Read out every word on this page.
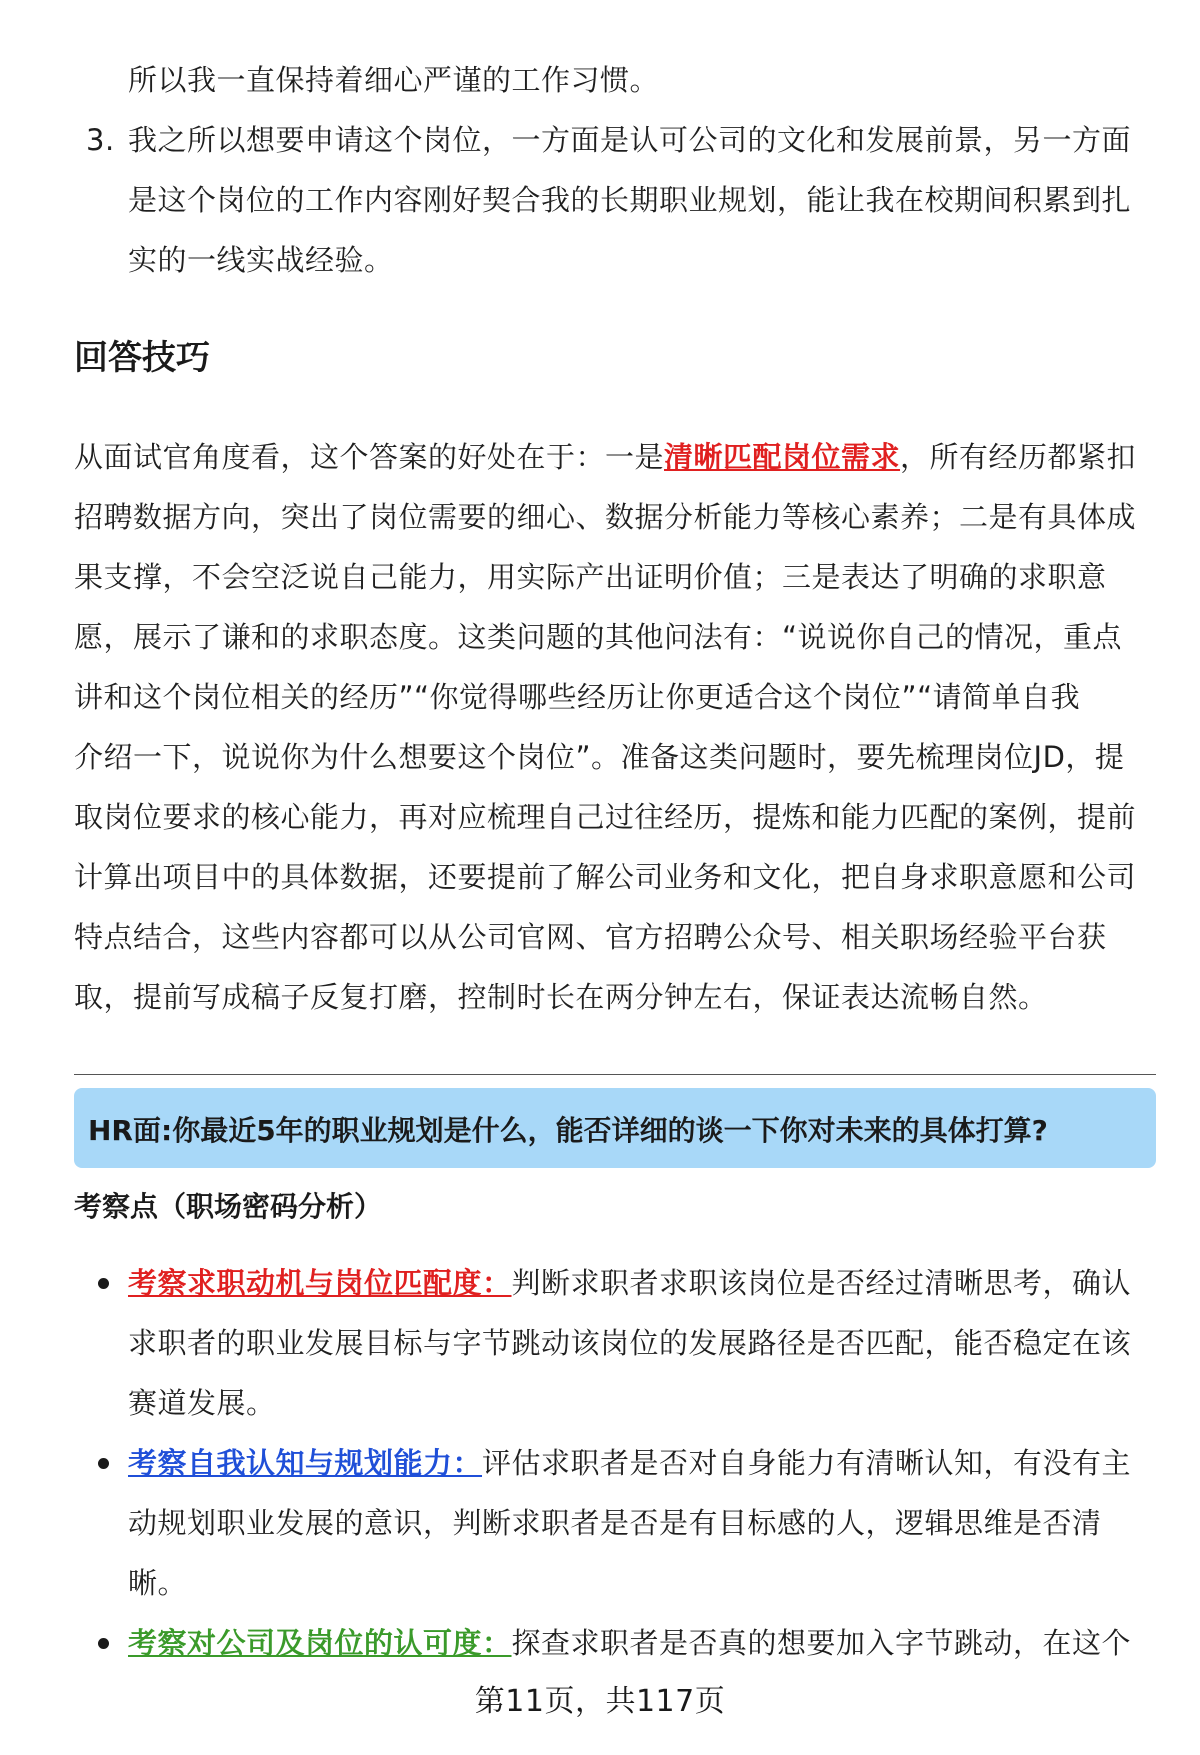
所以我一直保持着细心严谨的工作习惯。
3. 我之所以想要申请这个岗位，一方面是认可公司的文化和发展前景，另一方面
是这个岗位的工作内容刚好契合我的长期职业规划，能让我在校期间积累到扎
实的一线实战经验。
回答技巧
从面试官角度看，这个答案的好处在于：一是清晰匹配岗位需求，所有经历都紧扣
招聘数据方向，突出了岗位需要的细心、数据分析能力等核心素养；二是有具体成
果支撑，不会空泛说自己能力，用实际产出证明价值；三是表达了明确的求职意
愿，展示了谦和的求职态度。这类问题的其他问法有：“说说你自己的情况，重点
讲和这个岗位相关的经历”“你觉得哪些经历让你更适合这个岗位”“请简单自我
介绍一下，说说你为什么想要这个岗位”。准备这类问题时，要先梳理岗位JD，提
取岗位要求的核心能力，再对应梳理自己过往经历，提炼和能力匹配的案例，提前
计算出项目中的具体数据，还要提前了解公司业务和文化，把自身求职意愿和公司
特点结合，这些内容都可以从公司官网、官方招聘公众号、相关职场经验平台获
取，提前写成稿子反复打磨，控制时长在两分钟左右，保证表达流畅自然。
HR面:你最近5年的职业规划是什么，能否详细的谈一下你对未来的具体打算?
考察点（职场密码分析）
考察求职动机与岗位匹配度：判断求职者求职该岗位是否经过清晰思考，确认
求职者的职业发展目标与字节跳动该岗位的发展路径是否匹配，能否稳定在该
赛道发展。
考察自我认知与规划能力：评估求职者是否对自身能力有清晰认知，有没有主
动规划职业发展的意识，判断求职者是否是有目标感的人，逻辑思维是否清
晰。
考察对公司及岗位的认可度：探查求职者是否真的想要加入字节跳动，在这个
第11页，共117页
